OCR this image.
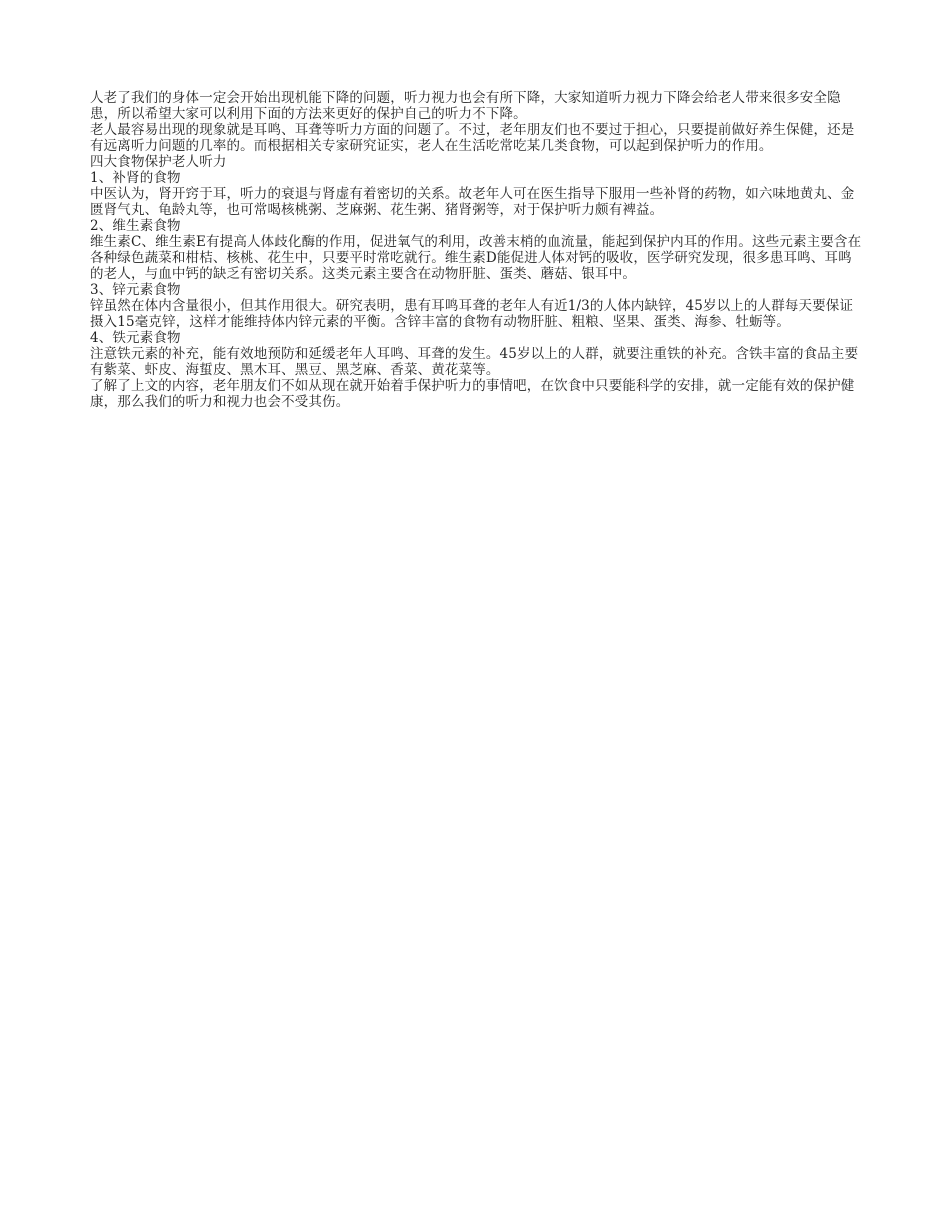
人老了我们的身体一定会开始出现机能下降的问题，听力视力也会有所下降，大家知道听力视力下降会给老人带来很多安全隐患，所以希望大家可以利用下面的方法来更好的保护自己的听力不下降。

老人最容易出现的现象就是耳鸣、耳聋等听力方面的问题了。不过，老年朋友们也不要过于担心，只要提前做好养生保健，还是有远离听力问题的几率的。而根据相关专家研究证实，老人在生活吃常吃某几类食物，可以起到保护听力的作用。

四大食物保护老人听力

1、补肾的食物

中医认为，肾开窍于耳，听力的衰退与肾虚有着密切的关系。故老年人可在医生指导下服用一些补肾的药物，如六味地黄丸、金匮肾气丸、龟龄丸等，也可常喝核桃粥、芝麻粥、花生粥、猪肾粥等，对于保护听力颇有裨益。

2、维生素食物

维生素C、维生素E有提高人体歧化酶的作用，促进氧气的利用，改善末梢的血流量，能起到保护内耳的作用。这些元素主要含在各种绿色蔬菜和柑桔、核桃、花生中，只要平时常吃就行。维生素D能促进人体对钙的吸收，医学研究发现，很多患耳鸣、耳鸣的老人，与血中钙的缺乏有密切关系。这类元素主要含在动物肝脏、蛋类、蘑菇、银耳中。

3、锌元素食物

锌虽然在体内含量很小，但其作用很大。研究表明，患有耳鸣耳聋的老年人有近1/3的人体内缺锌，45岁以上的人群每天要保证摄入15毫克锌，这样才能维持体内锌元素的平衡。含锌丰富的食物有动物肝脏、粗粮、坚果、蛋类、海参、牡蛎等。

4、铁元素食物

注意铁元素的补充，能有效地预防和延缓老年人耳鸣、耳聋的发生。45岁以上的人群，就要注重铁的补充。含铁丰富的食品主要有紫菜、虾皮、海蜇皮、黑木耳、黑豆、黑芝麻、香菜、黄花菜等。

了解了上文的内容，老年朋友们不如从现在就开始着手保护听力的事情吧，在饮食中只要能科学的安排，就一定能有效的保护健康，那么我们的听力和视力也会不受其伤。
